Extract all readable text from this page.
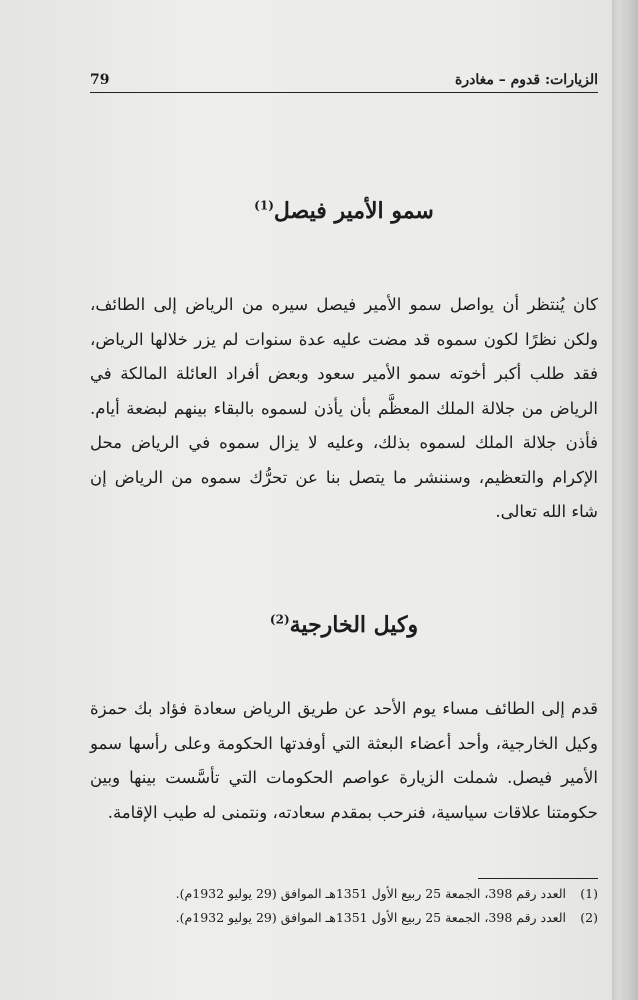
الزيارات: قدوم – مغادرة
79
سمو الأمير فيصل$^{(1)}$
كان يُنتظر أن يواصل سمو الأمير فيصل سيره من الرياض إلى الطائف، ولكن نظرًا لكون سموه قد مضت عليه عدة سنوات لم يزر خلالها الرياض، فقد طلب أكبر أخوته سمو الأمير سعود وبعض أفراد العائلة المالكة في الرياض من جلالة الملك المعظَّم بأن يأذن لسموه بالبقاء بينهم لبضعة أيام. فأذن جلالة الملك لسموه بذلك، وعليه لا يزال سموه في الرياض محل الإكرام والتعظيم، وسننشر ما يتصل بنا عن تحرُّك سموه من الرياض إن شاء الله تعالى.
وكيل الخارجية$^{(2)}$
قدم إلى الطائف مساء يوم الأحد عن طريق الرياض سعادة فؤاد بك حمزة وكيل الخارجية، وأحد أعضاء البعثة التي أوفدتها الحكومة وعلى رأسها سمو الأمير فيصل. شملت الزيارة عواصم الحكومات التي تأسَّست بينها وبين حكومتنا علاقات سياسية، فنرحب بمقدم سعادته، ونتمنى له طيب الإقامة.
(1)
العدد رقم 398، الجمعة 25 ربيع الأول 1351هـ الموافق (29 يوليو 1932م).
(2)
العدد رقم 398، الجمعة 25 ربيع الأول 1351هـ الموافق (29 يوليو 1932م).
